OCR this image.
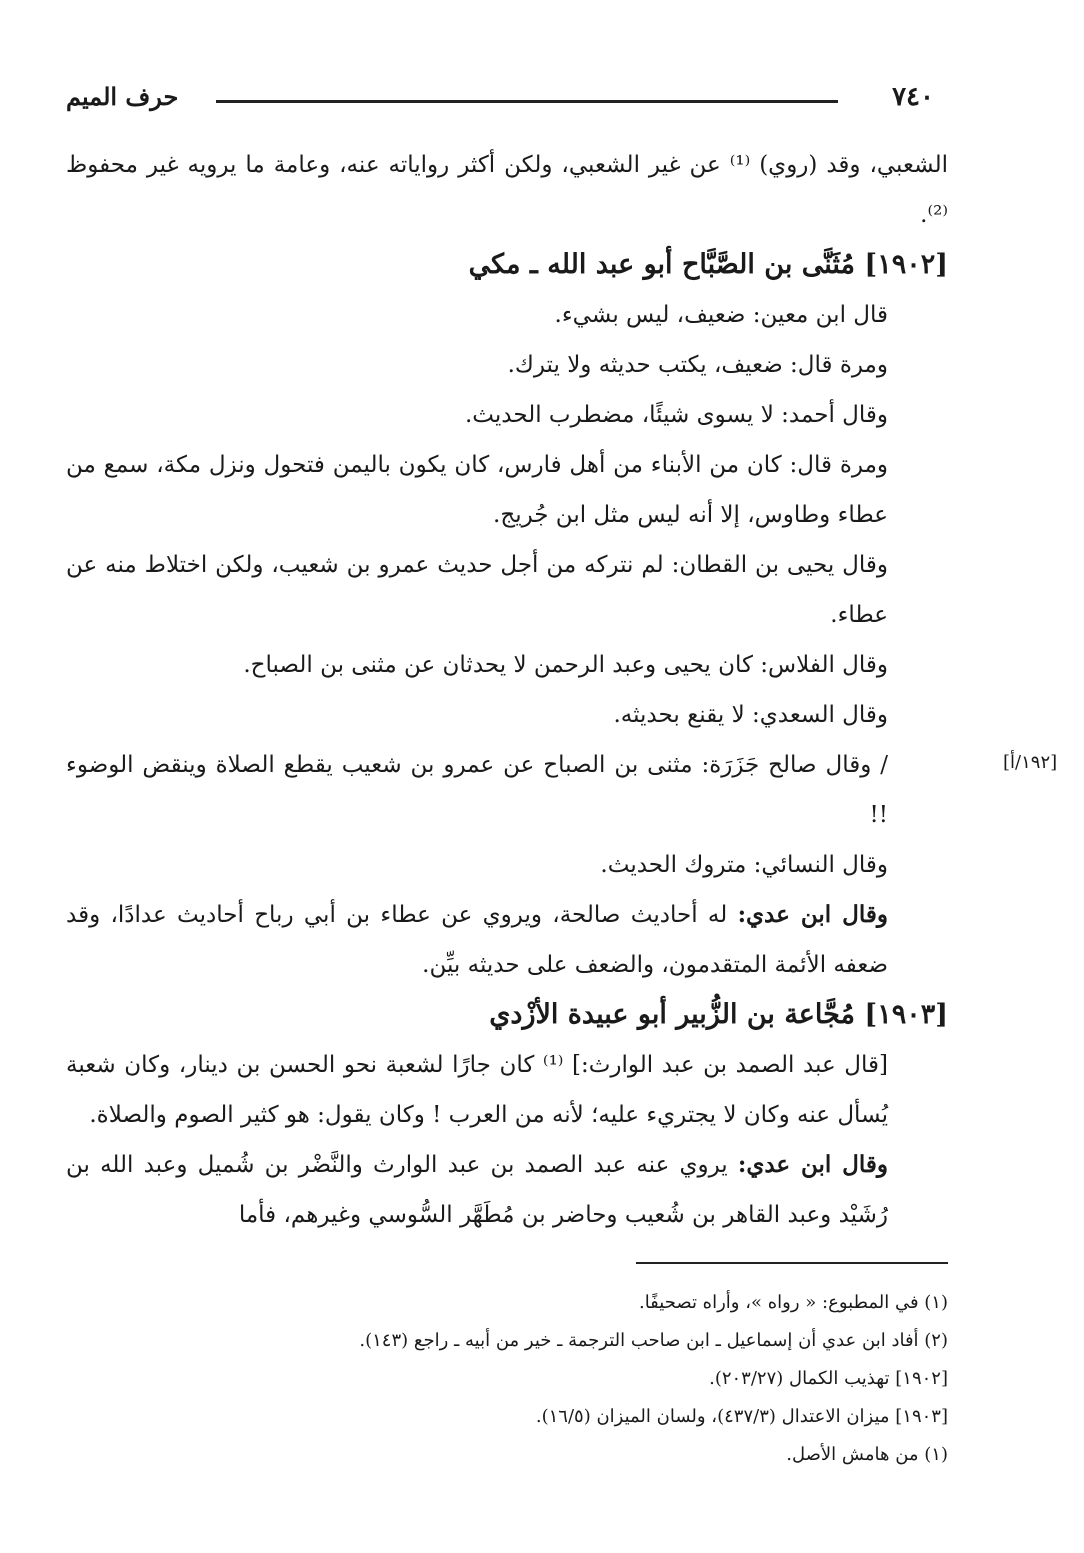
٧٤٠
حرف الميم
[١٩٢/أ]

الشعبي، وقد (روي) ⁽¹⁾ عن غير الشعبي، ولكن أكثر رواياته عنه، وعامة ما يرويه غير محفوظ ⁽²⁾.

[١٩٠٢] مُثَنَّى بن الصَّبَّاح أبو عبد الله ـ مكي

قال ابن معين: ضعيف، ليس بشيء.

ومرة قال: ضعيف، يكتب حديثه ولا يترك.

وقال أحمد: لا يسوى شيئًا، مضطرب الحديث.

ومرة قال: كان من الأبناء من أهل فارس، كان يكون باليمن فتحول ونزل مكة، سمع من عطاء وطاوس، إلا أنه ليس مثل ابن جُريج.

وقال يحيى بن القطان: لم نتركه من أجل حديث عمرو بن شعيب، ولكن اختلاط منه عن عطاء.

وقال الفلاس: كان يحيى وعبد الرحمن لا يحدثان عن مثنى بن الصباح.

وقال السعدي: لا يقنع بحديثه.

/ وقال صالح جَزَرَة: مثنى بن الصباح عن عمرو بن شعيب يقطع الصلاة وينقض الوضوء !!

وقال النسائي: متروك الحديث.

وقال ابن عدي: له أحاديث صالحة، ويروي عن عطاء بن أبي رباح أحاديث عدادًا، وقد ضعفه الأئمة المتقدمون، والضعف على حديثه بيِّن.

[١٩٠٣] مُجَّاعة بن الزُّبير أبو عبيدة الأزْدي

[قال عبد الصمد بن عبد الوارث:] ⁽¹⁾ كان جارًا لشعبة نحو الحسن بن دينار، وكان شعبة يُسأل عنه وكان لا يجتريء عليه؛ لأنه من العرب ! وكان يقول: هو كثير الصوم والصلاة.

وقال ابن عدي: يروي عنه عبد الصمد بن عبد الوارث والنَّضْر بن شُميل وعبد الله بن رُشَيْد وعبد القاهر بن شُعيب وحاضر بن مُطَهَّر السُّوسي وغيرهم، فأما

(١) في المطبوع: « رواه »، وأراه تصحيفًا.

(٢) أفاد ابن عدي أن إسماعيل ـ ابن صاحب الترجمة ـ خير من أبيه ـ راجع (١٤٣).

[١٩٠٢] تهذيب الكمال (٢٠٣/٢٧).

[١٩٠٣] ميزان الاعتدال (٤٣٧/٣)، ولسان الميزان (١٦/٥).

(١) من هامش الأصل.
